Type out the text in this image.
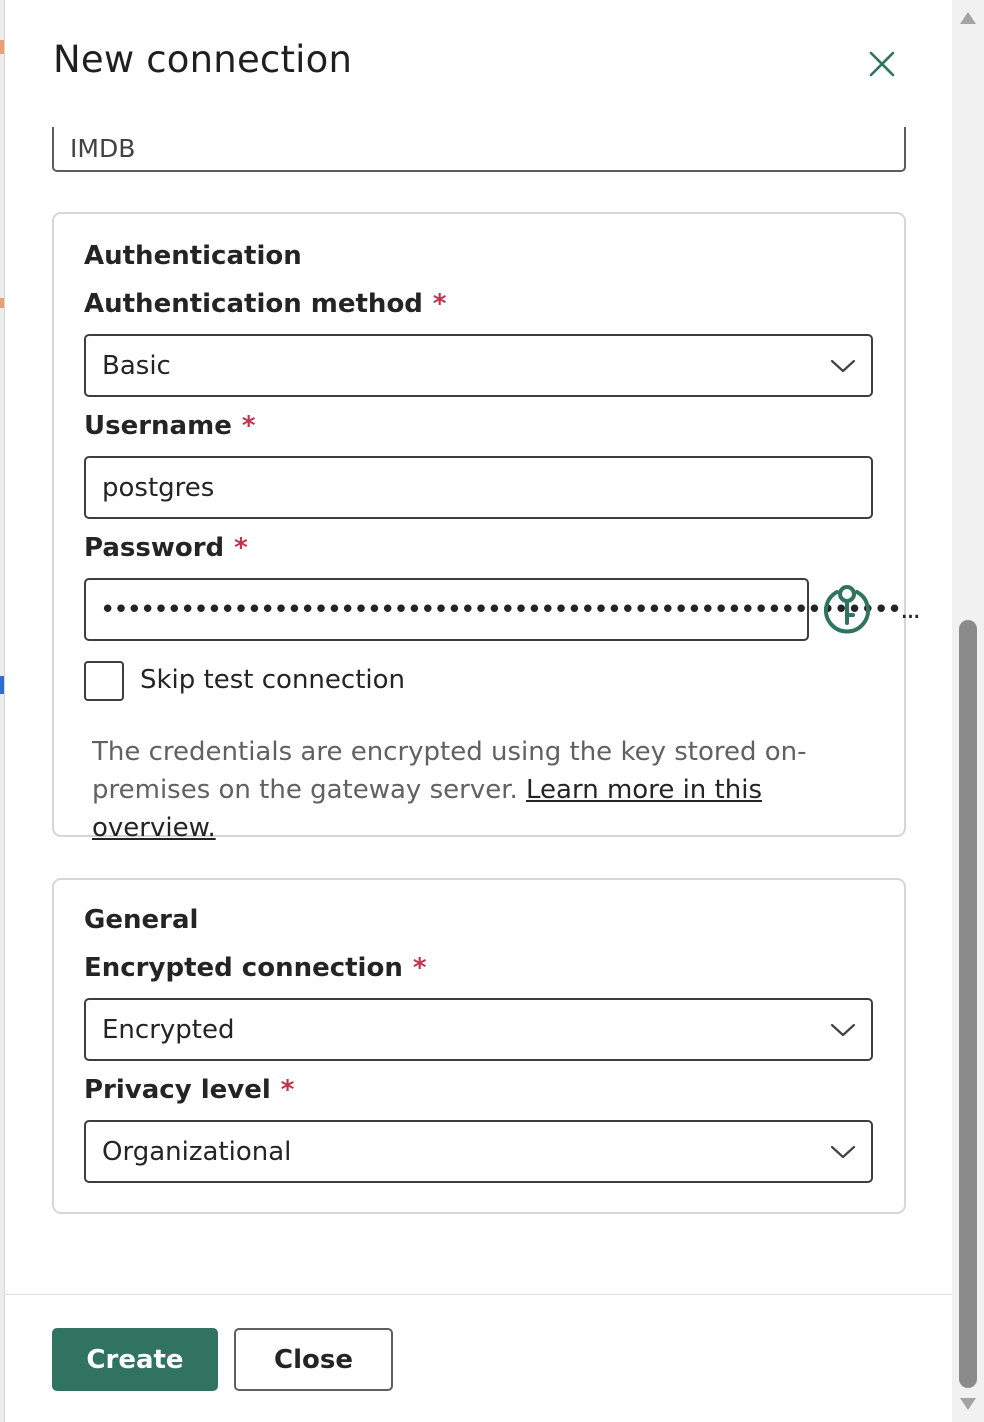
New connection
IMDB
Authentication
Authentication method *
Basic
Username *
postgres
Password *
••••••••••••••••••••••••••••••••••••••••••••••••••••••••••••...
Skip test connection
The credentials are encrypted using the key stored on-premises on the gateway server. Learn more in this overview.
General
Encrypted connection *
Encrypted
Privacy level *
Organizational
Create	Close
